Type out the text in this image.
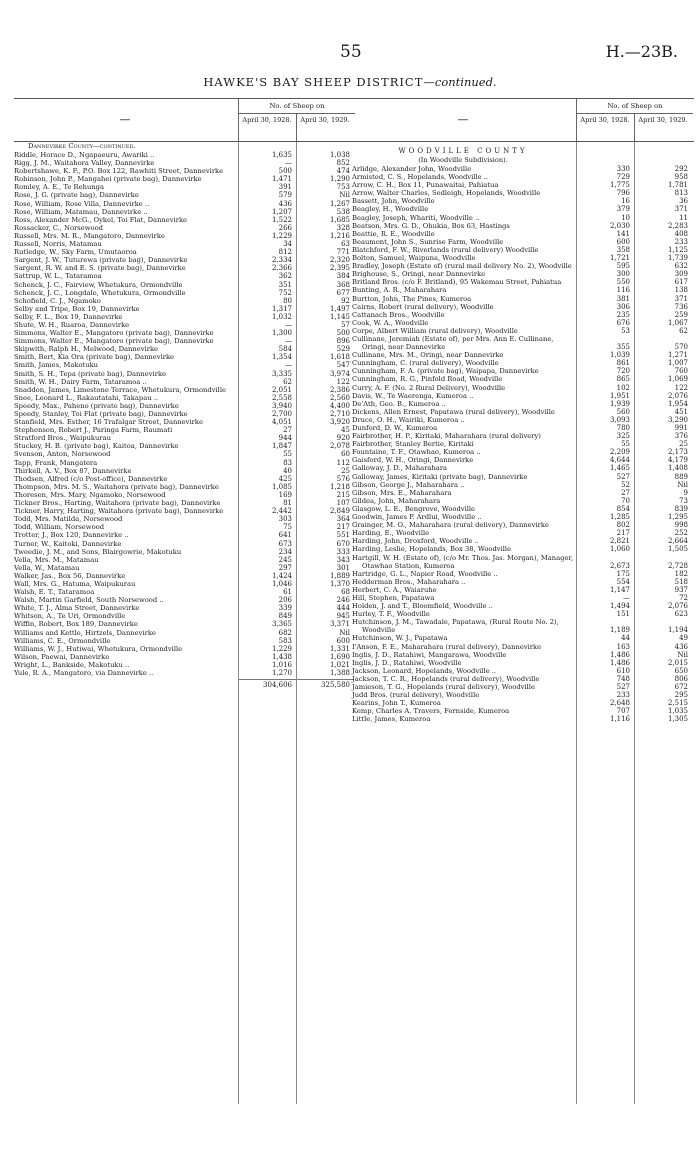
55	H.—23B.
HAWKE'S BAY SHEEP DISTRICT—continued.
—
No. of Sheep on
April 30, 1928.	April 30, 1929.
Dannevirke County—continued.
Riddle, Horace D., Ngapaeuru, Awariki ..	1,635	1,038
Rigg, J. M., Waitahora Valley, Dannevirke	—	852
Robertshawe, K. F., P.O. Box 122, Rawhiti Street, Dannevirke	500	474
Robinson, John P., Mangahei (private bag), Dannevirke	1,471	1,290
Romley, A. E., Te Rehunga	391	753
Rose, J. G. (private bag), Dannevirke	579	Nil
Rose, William, Rose Villa, Dannevirke ..	436	1,267
Rose, William, Matamau, Dannevirke ..	1,207	538
Ross, Alexander McG., Oykel, Toi Flat, Dannevirke	1,522	1,685
Rossacker, C., Norsewood	266	328
Russell, Mrs. M. R., Mangatoro, Dannevirke	1,229	1,216
Russell, Norris, Matamau	34	63
Rutledge, W., Sky Farm, Umutaoroa	812	771
Sargent, J. W., Tuturewa (private bag), Dannevirke	2,334	2,320
Sargent, R. W. and E. S. (private bag), Dannevirke	2,366	2,395
Sattrup, W. L., Tataramoa	362	384
Schenck, J. C., Fairview, Whetukura, Ormondville	351	368
Schenck, J. C., Longdale, Whetukura, Ormondville	752	677
Schofield, C. J., Ngamoko	80	92
Selby and Tripe, Box 19, Dannevirke	1,317	1,497
Selby, F. L., Box 19, Dannevirke	1,032	1,145
Shute, W. H., Ruaroa, Dannevirke	—	57
Simmons, Walter E., Mangatoro (private bag), Dannevirke	1,300	500
Simmons, Walter E., Mangatoro (private bag), Dannevirke	—	896
Skipwith, Ralph H., Melwood, Dannevirke	584	529
Smith, Bert, Kia Ora (private bag), Dannevirke	1,354	1,618
Smith, James, Makotuku	—	547
Smith, S. H., Tepa (private bag), Dannevirke	3,335	3,974
Smith, W. H., Dairy Farm, Tataramoa ..	62	122
Snaddon, James, Limestone Terrace, Whetukura, Ormondville	2,051	2,386
Snee, Leonard L., Rakautatahi, Takapau ..	2,558	2,560
Speedy, Max., Paheno (private bag), Dannevirke	3,940	4,400
Speedy, Stanley, Toi Flat (private bag), Dannevirke	2,700	2,710
Stanfield, Mrs. Esther, 16 Trafalgar Street, Dannevirke	4,051	3,920
Stephenson, Robert J., Paringa Farm, Raumati	27	45
Stratford Bros., Waipukurau	944	920
Stuckey, H. B. (private bag), Kaitoa, Dannevirke	1,847	2,078
Svenson, Anton, Norsewood	55	60
Tapp, Frank, Mangatera	83	112
Thirkell, A. V., Box 87, Dannevirke	40	25
Thodsen, Alfred (c/o Post-office), Dannevirke	425	576
Thompson, Mrs. M. S., Waitahora (private bag), Dannevirke	1,085	1,218
Thoresen, Mrs. Mary, Ngamoko, Norsewood	169	215
Tickner Bros., Harting, Waitahora (private bag), Dannevirke	81	107
Tickner, Harry, Harting, Waitahora (private bag), Dannevirke	2,442	2,849
Todd, Mrs. Matilda, Norsewood	303	364
Todd, William, Norsewood	75	217
Trotter, J., Box 120, Dannevirke ..	641	551
Turner, W., Kaitoki, Dannevirke	673	670
Tweedie, J. M., and Sons, Blairgowrie, Makotuku	234	333
Vella, Mrs. M., Matamau	245	343
Vella, W., Matamau	297	301
Walker, Jas., Box 56, Dannevirke	1,424	1,889
Wall, Mrs. G., Hatuma, Waipukurau	1,046	1,370
Walsh, E. T., Tataramoa	61	68
Walsh, Martin Garfield, South Norsewood ..	206	246
White, T. J., Alma Street, Dannevirke	339	444
Whitson, A., Te Uri, Ormondville	849	945
Wiffin, Robert, Box 189, Dannevirke	3,365	3,371
Williams and Kettle, Hirtzels, Dannevirke	682	Nil
Williams, C. E., Ormondville	583	600
Williams, W. J., Hutiwai, Whetukura, Ormondville	1,229	1,331
Wilson, Paewai, Dannevirke	1,438	1,690
Wright, L., Bankside, Makotuku ..	1,016	1,021
Yule, R. A., Mangatoro, via Dannevirke ..	1,270	1,388
304,606	325,580
—
No. of Sheep on
April 30, 1928.	April 30, 1929.
WOODVILLE COUNTY
(In Woodville Subdivision).
Arlidge, Alexander John, Woodville	330	292
Armisted, C. S., Hopelands, Woodville ..	729	958
Arrow, C. H., Box 11, Punawaitai, Pahiatua	1,775	1,781
Arrow, Walter Charles, Sedleigh, Hopelands, Woodville	796	813
Bassett, John, Woodville	16	36
Beagley, H., Woodville	379	371
Beagley, Joseph, Whariti, Woodville ..	10	11
Beatson, Mrs. G. D., Ohukia, Box 63, Hastings	2,030	2,283
Beattie, R. E., Woodville	141	408
Beaumont, John S., Sunrise Farm, Woodville	600	233
Blatchford, F. W., Riverlands (rural delivery) Woodville	358	1,125
Bolton, Samuel, Waipuna, Woodville	1,721	1,739
Bradley, Joseph (Estate of) (rural mail delivery No. 2), Woodville	595	632
Brighouse, S., Oringi, near Dannevirke	300	309
Britland Bros. (c/o F. Britland), 95 Wakemau Street, Pahiatua	550	617
Bunting, A. R., Maharahara	116	138
Burtton, John, The Pines, Kumeroa	381	371
Cairns, Robert (rural delivery), Woodville	306	736
Cattanach Bros., Woodville	235	259
Cook, W. A., Woodville	676	1,067
Corpe, Albert William (rural delivery), Woodville	53	62
Cullinane, Jeremiah (Estate of), per Mrs. Ann E. Cullinane, Oringi, near Dannevirke	355	570
Cullinane, Mrs. M., Oringi, near Dannevirke	1,039	1,271
Cunningham, C. (rural delivery), Woodville	861	1,007
Cunningham, F. A. (private bag), Waipapa, Dannevirke	720	760
Cunningham, R. G., Pinfold Road, Woodville	865	1,069
Curry, A. F. (No. 2 Rural Delivery), Woodville	102	122
Davis, W., Te Waerenga, Kumeroa ..	1,951	2,076
De'Ath, Geo. B., Kumeroa ..	1,939	1,954
Dickens, Allen Ernest, Papatawa (rural delivery), Woodville	560	451
Druce, O. H., Wairiki, Kumeroa ..	3,093	3,290
Dunford, D. W., Kumeroa	780	991
Fairbrother, H. P., Kiritaki, Maharahara (rural delivery)	325	376
Fairbrother, Stanley Bertie, Kiritaki	55	25
Fountaine, T. F., Otawhao, Kumeroa ..	2,209	2,173
Gaisford, W. H., Oringi, Dannevirke	4,644	4,179
Galloway, J. D., Maharahara	1,465	1,408
Galloway, James, Kiritaki (private bag), Dannevirke	527	889
Gibson, George J., Maharahara ..	52	Nil
Gibson, Mrs. E., Maharahara	27	9
Gildea, John, Maharahara	70	73
Glasgow, L. E., Bengrove, Woodville	854	839
Goodwin, James P. Ardlui, Woodville ..	1,285	1,295
Grainger, M. O., Maharahara (rural delivery), Dannevirke	802	998
Harding, E., Woodville	217	252
Harding, John, Droxford, Woodville ..	2,821	2,664
Harding, Leslie, Hopelands, Box 38, Woodville	1,060	1,505
Hartgill, W. H. (Estate of), (c/o Mr. Thos. Jas. Morgan), Manager, Otawhao Station, Kumeroa	2,673	2,728
Hartridge, G. L., Napier Road, Woodville ..	175	182
Hedderman Bros., Maharahara ..	554	518
Herbert, C. A., Waiaruhe	1,147	937
Hill, Stephen, Papatawa	—	72
Holden, J. and T., Bloomfield, Woodville ..	1,494	2,076
Hurley, T. F., Woodville	151	623
Hutchinson, J. M., Tawadale, Papatawa, (Rural Route No. 2), Woodville	1,189	1,194
Hutchinson, W. J., Papatawa	44	49
I'Anson, F. E., Maharahara (rural delivery), Dannevirke	163	436
Inglis, J. D., Ratahiwi, Mangarawa, Woodville	1,486	Nil
Inglis, J. D., Ratahiwi, Woodville	1,486	2,015
Jackson, Leonard, Hopelands, Woodville ..	610	650
Jackson, T. C. R., Hopelands (rural delivery), Woodville	748	806
Jamieson, T. G., Hopelands (rural delivery), Woodville	527	672
Judd Bros. (rural delivery), Woodville	233	295
Kearins, John T., Kumeroa	2,648	2,515
Kemp, Charles A. Travers, Fernside, Kumeroa	707	1,035
Little, James, Kumeroa	1,116	1,305
